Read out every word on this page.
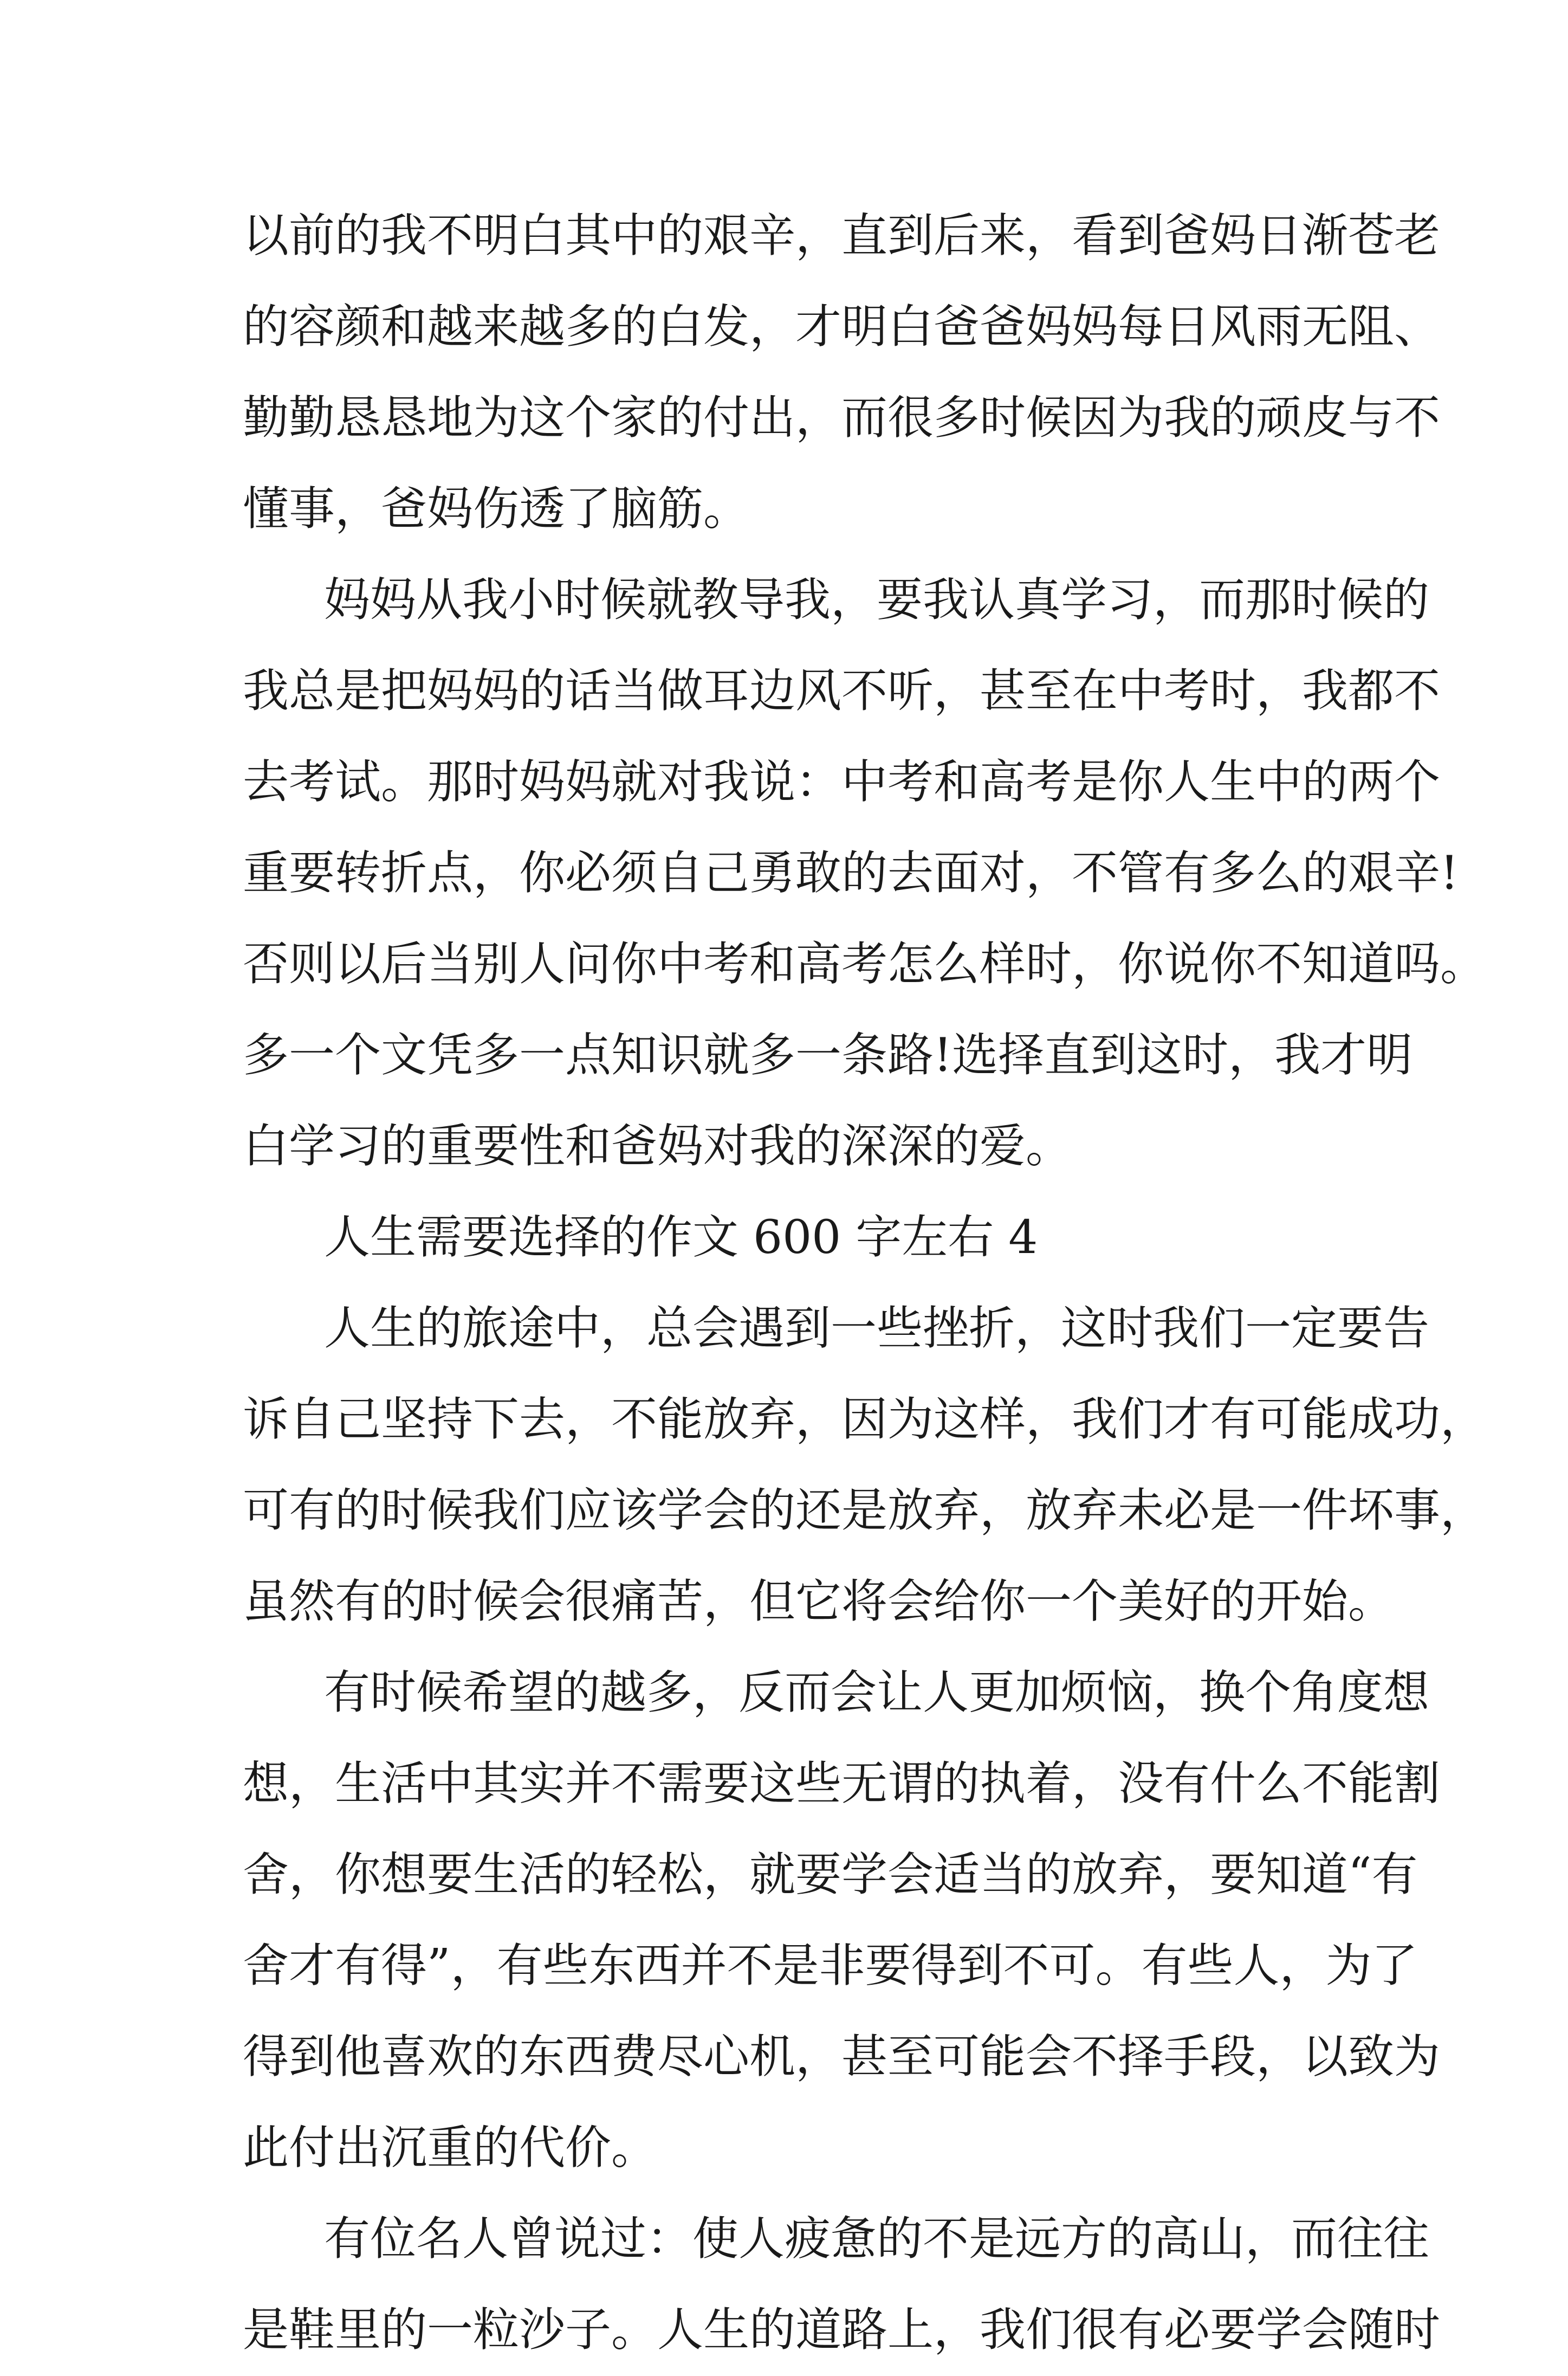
以前的我不明白其中的艰辛，直到后来，看到爸妈日渐苍老
的容颜和越来越多的白发，才明白爸爸妈妈每日风雨无阻、
勤勤恳恳地为这个家的付出，而很多时候因为我的顽皮与不
懂事，爸妈伤透了脑筋。
妈妈从我小时候就教导我，要我认真学习，而那时候的
我总是把妈妈的话当做耳边风不听，甚至在中考时，我都不
去考试。那时妈妈就对我说：中考和高考是你人生中的两个
重要转折点，你必须自己勇敢的去面对，不管有多么的艰辛!
否则以后当别人问你中考和高考怎么样时，你说你不知道吗。
多一个文凭多一点知识就多一条路!选择直到这时，我才明
白学习的重要性和爸妈对我的深深的爱。
人生需要选择的作文 600 字左右 4
人生的旅途中，总会遇到一些挫折，这时我们一定要告
诉自己坚持下去，不能放弃，因为这样，我们才有可能成功，
可有的时候我们应该学会的还是放弃，放弃未必是一件坏事，
虽然有的时候会很痛苦，但它将会给你一个美好的开始。
有时候希望的越多，反而会让人更加烦恼，换个角度想
想，生活中其实并不需要这些无谓的执着，没有什么不能割
舍，你想要生活的轻松，就要学会适当的放弃，要知道“有
舍才有得”，有些东西并不是非要得到不可。有些人，为了
得到他喜欢的东西费尽心机，甚至可能会不择手段，以致为
此付出沉重的代价。
有位名人曾说过：使人疲惫的不是远方的高山，而往往
是鞋里的一粒沙子。人生的道路上，我们很有必要学会随时
